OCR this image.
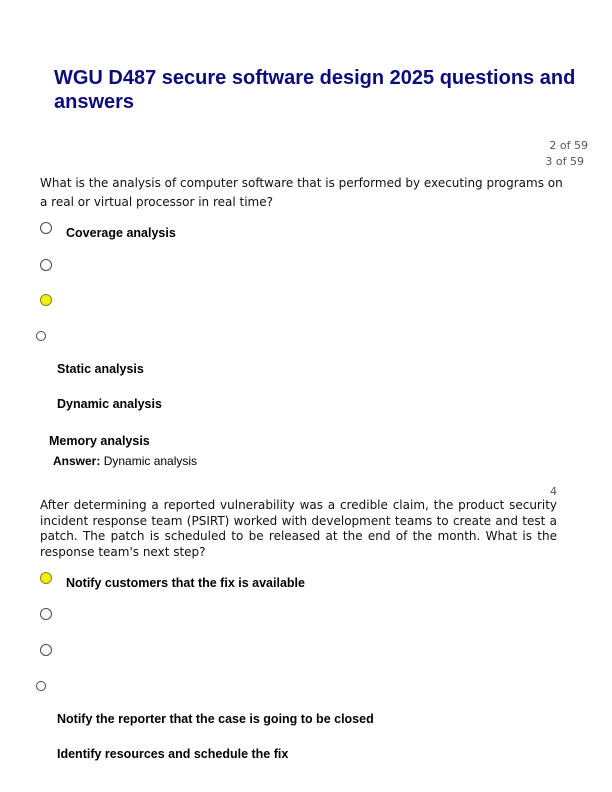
WGU D487 secure software design 2025 questions and answers
2 of 59
3 of 59
What is the analysis of computer software that is performed by executing programs on a real or virtual processor in real time?
Coverage analysis
Static analysis
Dynamic analysis
Memory analysis
Answer: Dynamic analysis
4
After determining a reported vulnerability was a credible claim, the product security incident response team (PSIRT) worked with development teams to create and test a patch. The patch is scheduled to be released at the end of the month. What is the response team's next step?
Notify customers that the fix is available
Notify the reporter that the case is going to be closed
Identify resources and schedule the fix
